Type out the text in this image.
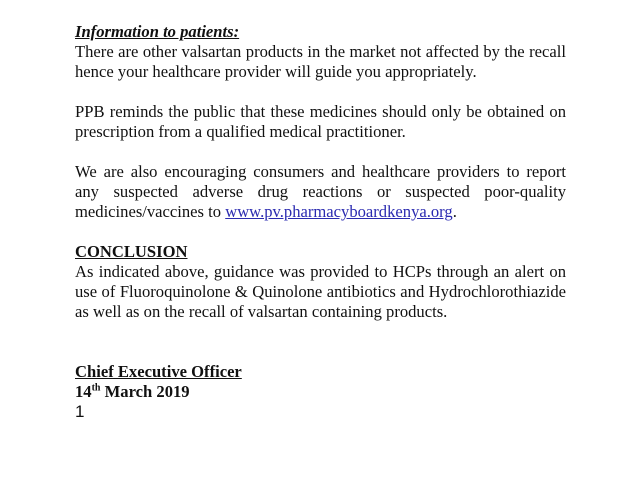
Information to patients:

There are other valsartan products in the market not affected by the recall hence your healthcare provider will guide you appropriately.

PPB reminds the public that these medicines should only be obtained on prescription from a qualified medical practitioner.

We are also encouraging consumers and healthcare providers to report any suspected adverse drug reactions or suspected poor-quality medicines/vaccines to www.pv.pharmacyboardkenya.org.

CONCLUSION

As indicated above, guidance was provided to HCPs through an alert on use of Fluoroquinolone & Quinolone antibiotics and Hydrochlorothiazide as well as on the recall of valsartan containing products.

Chief Executive Officer
14th March 2019
1
